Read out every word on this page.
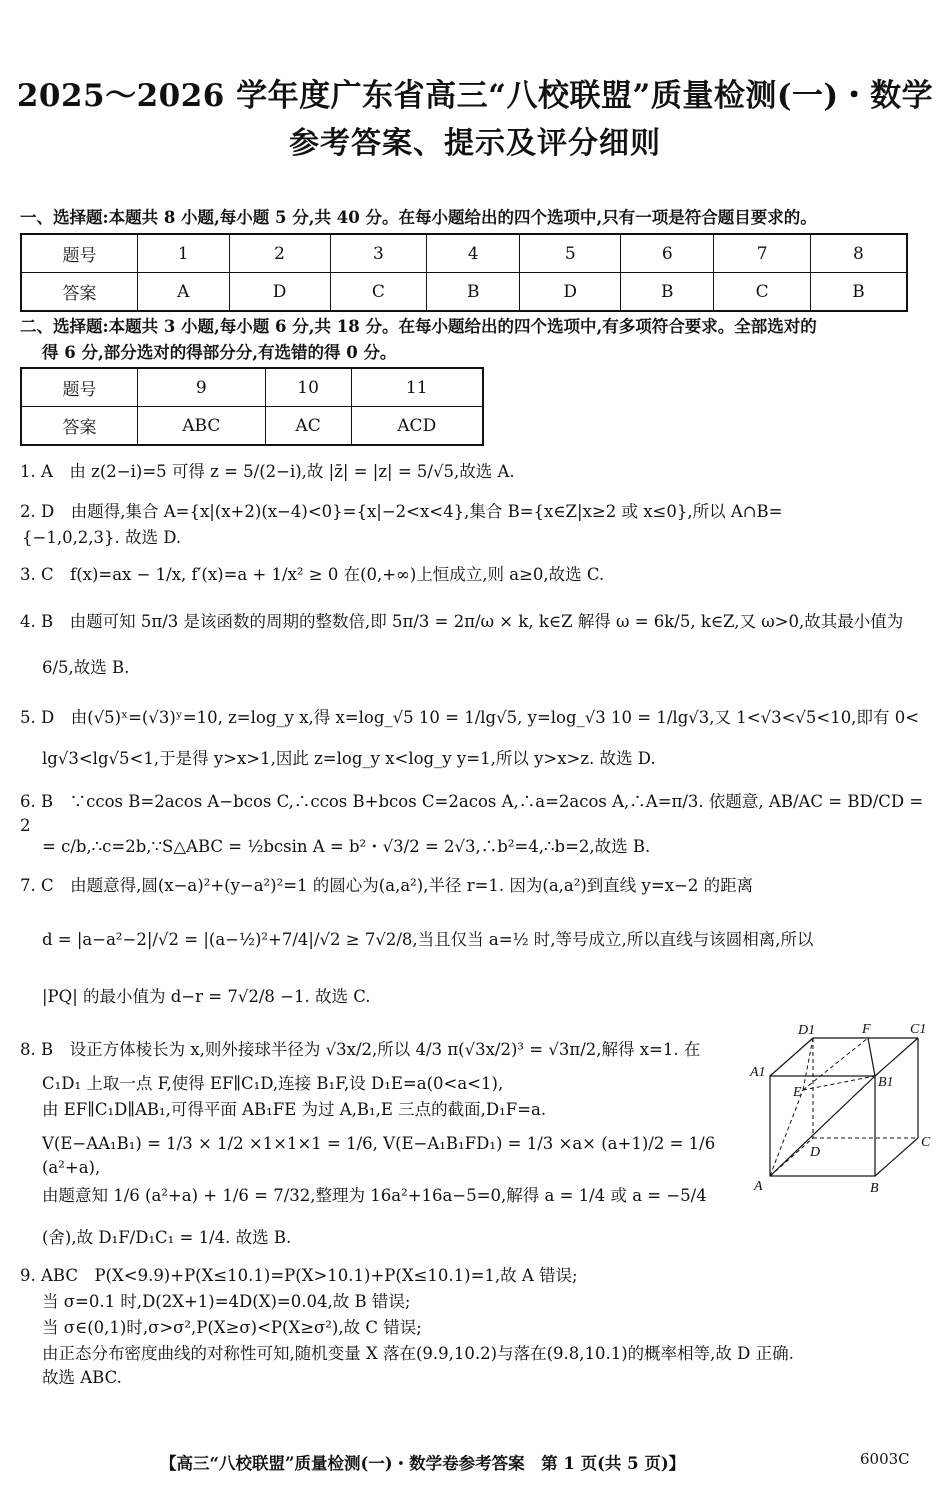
2025～2026 学年度广东省高三“八校联盟”质量检测(一)・数学
参考答案、提示及评分细则
一、选择题:本题共 8 小题,每小题 5 分,共 40 分。在每小题给出的四个选项中,只有一项是符合题目要求的。
题号	1	2	3	4	5	6	7	8
答案	A	D	C	B	D	B	C	B
二、选择题:本题共 3 小题,每小题 6 分,共 18 分。在每小题给出的四个选项中,有多项符合要求。全部选对的
得 6 分,部分选对的得部分分,有选错的得 0 分。
题号	9	10	11
答案	ABC	AC	ACD
1. A　由 z(2−i)=5 可得 z = 5/(2−i),故 |z̄| = |z| = 5/√5,故选 A.
2. D　由题得,集合 A={x|(x+2)(x−4)<0}={x|−2<x<4},集合 B={x∈Z|x≥2 或 x≤0},所以 A∩B=
{−1,0,2,3}. 故选 D.
3. C　f(x)=ax − 1/x, f′(x)=a + 1/x² ≥ 0 在(0,+∞)上恒成立,则 a≥0,故选 C.
4. B　由题可知 5π/3 是该函数的周期的整数倍,即 5π/3 = 2π/ω × k, k∈Z 解得 ω = 6k/5, k∈Z,又 ω>0,故其最小值为
6/5,故选 B.
5. D　由(√5)ˣ=(√3)ʸ=10, z=log_y x,得 x=log_√5 10 = 1/lg√5, y=log_√3 10 = 1/lg√3,又 1<√3<√5<10,即有 0<
lg√3<lg√5<1,于是得 y>x>1,因此 z=log_y x<log_y y=1,所以 y>x>z. 故选 D.
6. B　∵ccos B=2acos A−bcos C,∴ccos B+bcos C=2acos A,∴a=2acos A,∴A=π/3. 依题意, AB/AC = BD/CD = 2
= c/b,∴c=2b,∵S△ABC = ½bcsin A = b²・√3/2 = 2√3,∴b²=4,∴b=2,故选 B.
7. C　由题意得,圆(x−a)²+(y−a²)²=1 的圆心为(a,a²),半径 r=1. 因为(a,a²)到直线 y=x−2 的距离
d = |a−a²−2|/√2 = |(a−½)²+7/4|/√2 ≥ 7√2/8,当且仅当 a=½ 时,等号成立,所以直线与该圆相离,所以
|PQ| 的最小值为 d−r = 7√2/8 −1. 故选 C.
8. B　设正方体棱长为 x,则外接球半径为 √3x/2,所以 4/3 π(√3x/2)³ = √3π/2,解得 x=1. 在
C₁D₁ 上取一点 F,使得 EF∥C₁D,连接 B₁F,设 D₁E=a(0<a<1),
由 EF∥C₁D∥AB₁,可得平面 AB₁FE 为过 A,B₁,E 三点的截面,D₁F=a.
V(E−AA₁B₁) = 1/3 × 1/2 ×1×1×1 = 1/6, V(E−A₁B₁FD₁) = 1/3 ×a× (a+1)/2 = 1/6 (a²+a),
由题意知 1/6 (a²+a) + 1/6 = 7/32,整理为 16a²+16a−5=0,解得 a = 1/4 或 a = −5/4
(舍),故 D₁F/D₁C₁ = 1/4. 故选 B.
D1	F	C1
A1
E
B1
D
C
A	B
9. ABC　P(X<9.9)+P(X≤10.1)=P(X>10.1)+P(X≤10.1)=1,故 A 错误;
当 σ=0.1 时,D(2X+1)=4D(X)=0.04,故 B 错误;
当 σ∈(0,1)时,σ>σ²,P(X≥σ)<P(X≥σ²),故 C 错误;
由正态分布密度曲线的对称性可知,随机变量 X 落在(9.9,10.2)与落在(9.8,10.1)的概率相等,故 D 正确.
故选 ABC.
【高三“八校联盟”质量检测(一)・数学卷参考答案　第 1 页(共 5 页)】	6003C
